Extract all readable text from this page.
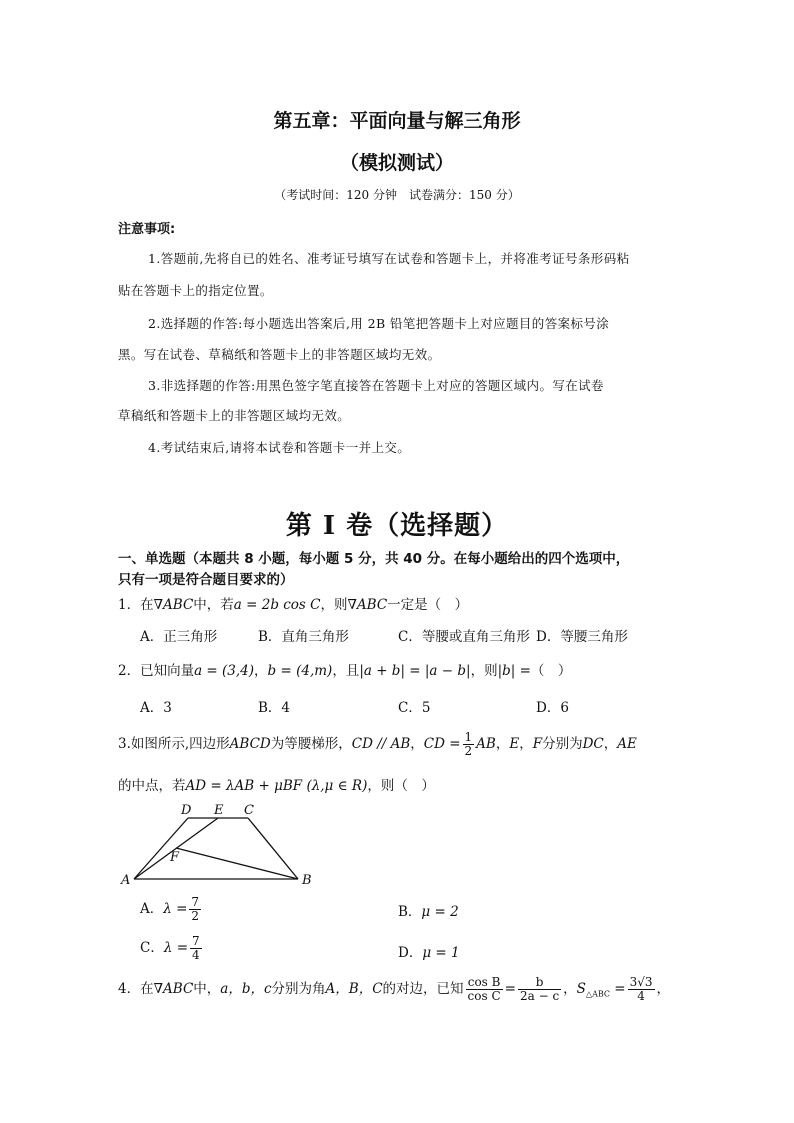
第五章：平面向量与解三角形
（模拟测试）
（考试时间：120 分钟　试卷满分：150 分）
注意事项:
1.答题前,先将自已的姓名、准考证号填写在试卷和答题卡上，并将准考证号条形码粘
贴在答题卡上的指定位置。
2.选择题的作答:每小题选出答案后,用 2B 铅笔把答题卡上对应题目的答案标号涂
黑。写在试卷、草稿纸和答题卡上的非答题区域均无效。
3.非选择题的作答:用黑色签字笔直接答在答题卡上对应的答题区域内。写在试卷
草稿纸和答题卡上的非答题区域均无效。
4.考试结束后,请将本试卷和答题卡一并上交。
第 I 卷（选择题）
一、单选题（本题共 8 小题，每小题 5 分，共 40 分。在每小题给出的四个选项中，
只有一项是符合题目要求的）
1．在∇ABC中，若a = 2b cos C，则∇ABC一定是（　）
A．正三角形	B．直角三角形	C．等腰或直角三角形 D．等腰三角形
2．已知向量a = (3,4)，b = (4,m)，且|a + b| = |a − b|，则|b| =（　）
A．3	B．4	C．5	D．6
3.如图所示,四边形ABCD为等腰梯形，CD // AB，CD = $\frac{1}{2}$ AB，E，F分别为DC，AE
的中点，若AD = λAB + μBF (λ,μ ∈ R)，则（　）
D E C
F
A	B
A．$\lambda = \frac{7}{2}$	B．μ = 2
C．$\lambda = \frac{7}{4}$	D．μ = 1
4．在∇ABC中，a，b，c分别为角A，B，C的对边，已知 $\frac{\text{cos B}}{\text{cos C}} = \frac{b}{2a - c}$ ，$S_{\triangle ABC} = \frac{3√3}{4}$ ，
